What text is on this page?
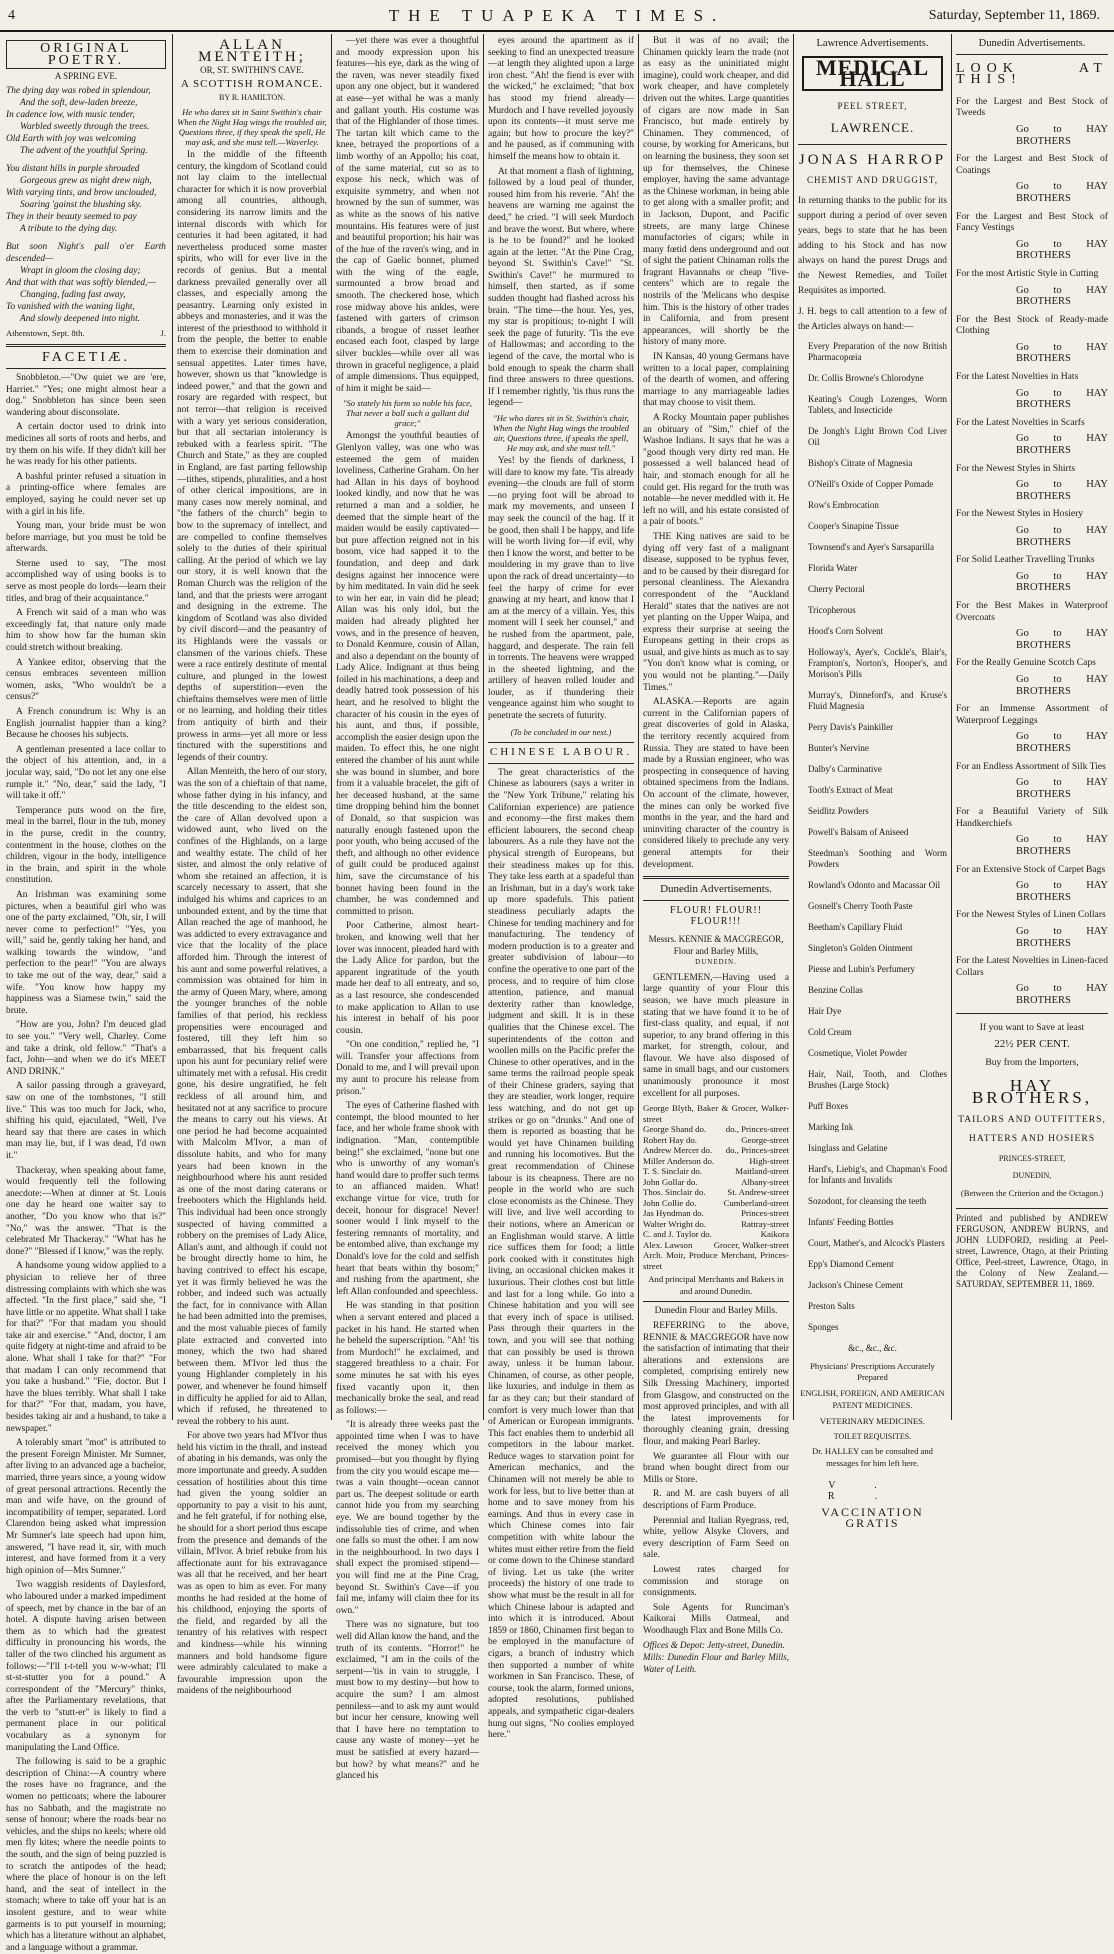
4	THE TUAPEKA TIMES.	Saturday, September 11, 1869.
ORIGINAL POETRY.
A SPRING EVE.
The dying day was robed in splendour,
And the soft, dew-laden breeze,
In cadence low, with music tender,
Warbled sweetly through the trees.
Old Earth with joy was welcoming
The advent of the youthful Spring.
You distant hills in purple shrouded
Gorgeous grew as night drew nigh,
With varying tints, and brow unclouded,
Soaring 'gainst the blushing sky.
They in their beauty seemed to pay
A tribute to the dying day.
But soon Night's pall o'er Earth descended—
Wrapt in gloom the closing day;
And that with that was softly blended,—
Changing, fading fast away,
To vanished with the waning light,
And slowly deepened into night.
Athenstown, Sept. 8th.	J.
FACETIÆ.

Snobbleton.—"Ow quiet we are 'ere, Harriet." "Yes; one might almost hear a dog." Snobbleton has since been seen wandering about disconsolate.

A certain doctor used to drink into medicines all sorts of roots and herbs, and try them on his wife. If they didn't kill her he was ready for his other patients.

A bashful printer refused a situation in a printing-office where females are employed, saying he could never set up with a girl in his life.

Young man, your bride must be won before marriage, but you must be told be afterwards.

Sterne used to say, "The most accomplished way of using books is to serve as most people do lords—learn their titles, and brag of their acquaintance."

A French wit said of a man who was exceedingly fat, that nature only made him to show how far the human skin could stretch without breaking.

A Yankee editor, observing that the census embraces seventeen million women, asks, "Who wouldn't be a census?"

A French conundrum is: Why is an English journalist happier than a king? Because he chooses his subjects.

A gentleman presented a lace collar to the object of his attention, and, in a jocular way, said, "Do not let any one else rumple it." "No, dear," said the lady, "I will take it off."

Temperance puts wood on the fire, meal in the barrel, flour in the tub, money in the purse, credit in the country, contentment in the house, clothes on the children, vigour in the body, intelligence in the brain, and spirit in the whole constitution.

An Irishman was examining some pictures, when a beautiful girl who was one of the party exclaimed, "Oh, sir, I will never come to perfection!" "Yes, you will," said he, gently taking her hand, and walking towards the window, "and perfection to the pear!" "You are always to take me out of the way, dear," said a wife. "You know how happy my happiness was a Siamese twin," said the brute.

"How are you, John? I'm deuced glad to see you." "Very well, Charley. Come and take a drink, old fellow." "That's a fact, John—and when we do it's MEET AND DRINK."

A sailor passing through a graveyard, saw on one of the tombstones, "I still live." This was too much for Jack, who, shifting his quid, ejaculated, "Well, I've heard say that there are cases in which man may lie, but, if I was dead, I'd own it."

Thackeray, when speaking about fame, would frequently tell the following anecdote:—When at dinner at St. Louis one day he heard one waiter say to another, "Do you know who that is?" "No," was the answer. "That is the celebrated Mr Thackeray." "What has he done?" "Blessed if I know," was the reply.

A handsome young widow applied to a physician to relieve her of three distressing complaints with which she was affected. "In the first place," said she, "I have little or no appetite. What shall I take for that?" "For that madam you should take air and exercise." "And, doctor, I am quite fidgety at night-time and afraid to be alone. What shall I take for that?" "For that madam I can only recommend that you take a husband." "Fie, doctor. But I have the blues terribly. What shall I take for that?" "For that, madam, you have, besides taking air and a husband, to take a newspaper."

A tolerably smart "mot" is attributed to the present Foreign Minister. Mr Sumner, after living to an advanced age a bachelor, married, three years since, a young widow of great personal attractions. Recently the man and wife have, on the ground of incompatibility of temper, separated. Lord Clarendon being asked what impression Mr Sumner's late speech had upon him, answered, "I have read it, sir, with much interest, and have formed from it a very high opinion of—Mrs Sumner."

Two waggish residents of Daylesford, who laboured under a marked impediment of speech, met by chance in the bar of an hotel. A dispute having arisen between them as to which had the greatest difficulty in pronouncing his words, the taller of the two clinched his argument as follows:—"I'll t-t-tell you w-w-what; I'll st-st-stutter you for a pound." A correspondent of the "Mercury" thinks, after the Parliamentary revelations, that the verb to "stutt-er" is likely to find a permanent place in our political vocabulary as a synonym for manipulating the Land Office.

The following is said to be a graphic description of China:—A country where the roses have no fragrance, and the women no petticoats; where the labourer has no Sabbath, and the magistrate no sense of honour; where the roads bear no vehicles, and the ships no keels; where old men fly kites; where the needle points to the south, and the sign of being puzzled is to scratch the antipodes of the head; where the place of honour is on the left hand, and the seat of intellect in the stomach; where to take off your hat is an insolent gesture, and to wear white garments is to put yourself in mourning; which has a literature without an alphabet, and a language without a grammar.

ALLAN MENTEITH;
OR, ST. SWITHIN'S CAVE.
A SCOTTISH ROMANCE.
BY R. HAMILTON.
He who dares sit in Saint Swithin's chair When the Night Hag wings the troubled air, Questions three, if they speak the spell, He may ask, and she must tell.—Waverley.

In the middle of the fifteenth century, the kingdom of Scotland could not lay claim to the intellectual character for which it is now proverbial among all countries, although, considering its narrow limits and the internal discords with which for centuries it had been agitated, it had nevertheless produced some master spirits, who will for ever live in the records of genius. But a mental darkness prevailed generally over all classes, and especially among the peasantry. Learning only existed in abbeys and monasteries, and it was the interest of the priesthood to withhold it from the people, the better to enable them to exercise their domination and sensual appetites. Later times have, however, shown us that "knowledge is indeed power," and that the gown and rosary are regarded with respect, but not terror—that religion is received with a wary yet serious consideration, but that all sectarian intolerancy is rebuked with a fearless spirit. "The Church and State," as they are coupled in England, are fast parting fellowship—tithes, stipends, pluralities, and a host of other clerical impositions, are in many cases now merely nominal, and "the fathers of the church" begin to bow to the supremacy of intellect, and are compelled to confine themselves solely to the duties of their spiritual calling. At the period of which we lay our story, it is well known that the Roman Church was the religion of the land, and that the priests were arrogant and designing in the extreme. The kingdom of Scotland was also divided by civil discord—and the peasantry of its Highlands were the vassals or clansmen of the various chiefs. These were a race entirely destitute of mental culture, and plunged in the lowest depths of superstition—even the chieftains themselves were men of little or no learning, and holding their titles from antiquity of birth and their prowess in arms—yet all more or less tinctured with the superstitions and legends of their country.

Allan Menteith, the hero of our story, was the son of a chieftain of that name, whose father dying in his infancy, and the title descending to the eldest son, the care of Allan devolved upon a widowed aunt, who lived on the confines of the Highlands, on a large and wealthy estate. The child of her sister, and almost the only relative of whom she retained an affection, it is scarcely necessary to assert, that she indulged his whims and caprices to an unbounded extent, and by the time that Allan reached the age of manhood, he was addicted to every extravagance and vice that the locality of the place afforded him. Through the interest of his aunt and some powerful relatives, a commission was obtained for him in the army of Queen Mary, where, among the younger branches of the noble families of that period, his reckless propensities were encouraged and fostered, till they left him so embarrassed, that his frequent calls upon his aunt for pecuniary relief were ultimately met with a refusal. His credit gone, his desire ungratified, he felt reckless of all around him, and hesitated not at any sacrifice to procure the means to carry out his views. At one period he had become acquainted with Malcolm M'Ivor, a man of dissolute habits, and who for many years had been known in the neighbourhood where his aunt resided as one of the most daring caterans or freebooters which the Highlands held. This individual had been once strongly suspected of having committed a robbery on the premises of Lady Alice, Allan's aunt, and although if could not be brought directly home to him, he having contrived to effect his escape, yet it was firmly believed he was the robber, and indeed such was actually the fact, for in connivance with Allan he had been admitted into the premises, and the most valuable pieces of family plate extracted and converted into money, which the two had shared between them. M'Ivor led thus the young Highlander completely in his power, and whenever he found himself in difficulty he applied for aid to Allan, which if refused, he threatened to reveal the robbery to his aunt.

For above two years had M'Ivor thus held his victim in the thrall, and instead of abating in his demands, was only the more importunate and greedy. A sudden cessation of hostilities about this time had given the young soldier an opportunity to pay a visit to his aunt, and he felt grateful, if for nothing else, he should for a short period thus escape from the presence and demands of the villain, M'Ivor. A brief rebuke from his affectionate aunt for his extravagance was all that he received, and her heart was as open to him as ever. For many months he had resided at the home of his childhood, enjoying the sports of the field, and regarded by all the tenantry of his relatives with respect and kindness—while his winning manners and bold handsome figure were admirably calculated to make a favourable impression upon the maidens of the neighbourhood

—yet there was ever a thoughtful and moody expression upon his features—his eye, dark as the wing of the raven, was never steadily fixed upon any one object, but it wandered at ease—yet withal he was a manly and gallant youth. His costume was that of the Highlander of those times. The tartan kilt which came to the knee, betrayed the proportions of a limb worthy of an Appollo; his coat, of the same material, cut so as to expose his neck, which was of exquisite symmetry, and when not browned by the sun of summer, was as white as the snows of his native mountains. His features were of just and beautiful proportion; his hair was of the hue of the raven's wing, and in the cap of Gaelic bonnet, plumed with the wing of the eagle, surmounted a brow broad and smooth. The checkered hose, which rose midway above his ankles, were fastened with garters of crimson ribands, a brogue of russet leather encased each foot, clasped by large silver buckles—while over all was thrown in graceful negligence, a plaid of ample dimensions. Thus equipped, of him it might be said—

"So stately his form so noble his face, That never a ball such a gallant did grace;"

Amongst the youthful beauties of Glenlyon valley, was one who was esteemed the gem of maiden loveliness, Catherine Graham. On her had Allan in his days of boyhood looked kindly, and now that he was returned a man and a soldier, he deemed that the simple heart of the maiden would be easily captivated—but pure affection reigned not in his bosom, vice had sapped it to the foundation, and deep and dark designs against her innocence were by him meditated. In vain did he seek to win her ear, in vain did he plead; Allan was his only idol, but the maiden had already plighted her vows, and in the presence of heaven, to Donald Kenmure, cousin of Allan, and also a dependant on the bounty of Lady Alice. Indignant at thus being foiled in his machinations, a deep and deadly hatred took possession of his heart, and he resolved to blight the character of his cousin in the eyes of his aunt, and thus, if possible, accomplish the easier design upon the maiden. To effect this, he one night entered the chamber of his aunt while she was bound in slumber, and bore from it a valuable bracelet, the gift of her deceased husband, at the same time dropping behind him the bonnet of Donald, so that suspicion was naturally enough fastened upon the poor youth, who being accused of the theft, and although no other evidence of guilt could be produced against him, save the circumstance of his bonnet having been found in the chamber, he was condemned and committed to prison.

Poor Catherine, almost heart-broken, and knowing well that her lover was innocent, pleaded hard with the Lady Alice for pardon, but the apparent ingratitude of the youth made her deaf to all entreaty, and so, as a last resource, she condescended to make application to Allan to use his interest in behalf of his poor cousin.

"On one condition," replied he, "I will. Transfer your affections from Donald to me, and I will prevail upon my aunt to procure his release from prison."

The eyes of Catherine flashed with contempt, the blood mounted to her face, and her whole frame shook with indignation. "Man, contemptible being!" she exclaimed, "none but one who is unworthy of any woman's hand would dare to proffer such terms to an affianced maiden. What! exchange virtue for vice, truth for deceit, honour for disgrace! Never! sooner would I link myself to the festering remnants of mortality, and be entombed alive, than exchange my Donald's love for the cold and selfish heart that beats within thy bosom;" and rushing from the apartment, she left Allan confounded and speechless.

He was standing in that position when a servant entered and placed a packet in his hand. He started when he beheld the superscription. "Ah! 'tis from Murdoch!" he exclaimed, and staggered breathless to a chair. For some minutes he sat with his eyes fixed vacantly upon it, then mechanically broke the seal, and read as follows:—

"It is already three weeks past the appointed time when I was to have received the money which you promised—but you thought by flying from the city you would escape me—twas a vain thought—ocean cannot part us. The deepest solitude or earth cannot hide you from my searching eye. We are bound together by the indissoluble ties of crime, and when one falls so must the other. I am now in the neighbourhood. In two days I shall expect the promised stipend—you will find me at the Pine Crag, beyond St. Swithin's Cave—if you fail me, infamy will claim thee for its own."

There was no signature, but too well did Allan know the hand, and the truth of its contents. "Horror!" he exclaimed, "I am in the coils of the serpent—'tis in vain to struggle, I must bow to my destiny—but how to acquire the sum? I am almost penniless—and to ask my aunt would but incur her censure, knowing well that I have here no temptation to cause any waste of money—yet he must be satisfied at every hazard—but how? by what means?" and he glanced his

eyes around the apartment as if seeking to find an unexpected treasure—at length they alighted upon a large iron chest. "Ah! the fiend is ever with the wicked," he exclaimed; "that box has stood my friend already—Murdoch and I have revelled joyously upon its contents—it must serve me again; but how to procure the key?" and he paused, as if communing with himself the means how to obtain it.

At that moment a flash of lightning, followed by a loud peal of thunder, roused him from his reverie. "Ah! the heavens are warning me against the deed," he cried. "I will seek Murdoch and brave the worst. But where, where is he to be found?" and he looked again at the letter. "At the Pine Crag, beyond St. Swithin's Cave!" "St. Swithin's Cave!" he murmured to himself, then started, as if some sudden thought had flashed across his brain. "The time—the hour. Yes, yes, my star is propitious; to-night I will seek the page of futurity. 'Tis the eve of Hallowmas; and according to the legend of the cave, the mortal who is bold enough to speak the charm shall find three answers to three questions. If I remember rightly, 'tis thus runs the legend—

"He who dares sit in St. Swithin's chair, When the Night Hag wings the troubled air, Questions three, if speaks the spell, He may ask, and she must tell."

Yes! by the fiends of darkness, I will dare to know my fate. 'Tis already evening—the clouds are full of storm—no prying foot will be abroad to mark my movements, and unseen I may seek the council of the hag. If it be good, then shall I be happy, and life will be worth living for—if evil, why then I know the worst, and better to be mouldering in my grave than to live upon the rack of dread uncertainty—to feel the harpy of crime for ever gnawing at my heart, and know that I am at the mercy of a villain. Yes, this moment will I seek her counsel," and he rushed from the apartment, pale, haggard, and desperate. The rain fell in torrents. The heavens were wrapped in the sheeted lightning, and the artillery of heaven rolled louder and louder, as if thundering their vengeance against him who sought to penetrate the secrets of futurity.

(To be concluded in our next.)
CHINESE LABOUR.

The great characteristics of the Chinese as labourers (says a writer in the "New York Tribune," relating his Californian experience) are patience and economy—the first makes them efficient labourers, the second cheap labourers. As a rule they have not the physical strength of Europeans, but their steadiness makes up for this. They take less earth at a spadeful than an Irishman, but in a day's work take up more spadefuls. This patient steadiness peculiarly adapts the Chinese for tending machinery and for manufacturing. The tendency of modern production is to a greater and greater subdivision of labour—to confine the operative to one part of the process, and to require of him close attention, patience, and manual dexterity rather than knowledge, judgment and skill. It is in these qualities that the Chinese excel. The superintendents of the cotton and woollen mills on the Pacific prefer the Chinese to other operatives, and in the same terms the railroad people speak of their Chinese graders, saying that they are steadier, work longer, require less watching, and do not get up strikes or go on "drunks." And one of them is reported as boasting that he would yet have Chinamen building and running his locomotives. But the great recommendation of Chinese labour is its cheapness. There are no people in the world who are such close economists as the Chinese. They will live, and live well according to their notions, where an American or an Englishman would starve. A little rice suffices them for food; a little pork cooked with it constitutes high living, an occasional chicken makes it luxurious. Their clothes cost but little and last for a long while. Go into a Chinese habitation and you will see that every inch of space is utilised. Pass through their quarters in the town, and you will see that nothing that can possibly be used is thrown away, unless it be human labour. Chinamen, of course, as other people, like luxuries, and indulge in them as far as they can; but their standard of comfort is very much lower than that of American or European immigrants. This fact enables them to underbid all competitors in the labour market. Reduce wages to starvation point for American mechanics, and the Chinamen will not merely be able to work for less, but to live better than at home and to save money from his earnings. And thus in every case in which Chinese comes into fair competition with white labour the whites must either retire from the field or come down to the Chinese standard of living. Let us take (the writer proceeds) the history of one trade to show what must be the result in all for which Chinese labour is adapted and into which it is introduced. About 1859 or 1860, Chinamen first began to be employed in the manufacture of cigars, a branch of industry which then supported a number of white workmen in San Francisco. These, of course, took the alarm, formed unions, adopted resolutions, published appeals, and sympathetic cigar-dealers hung out signs, "No coolies employed here."

But it was of no avail; the Chinamen quickly learn the trade (not as easy as the uninitiated might imagine), could work cheaper, and did work cheaper, and have completely driven out the whites. Large quantities of cigars are now made in San Francisco, but made entirely by Chinamen. They commenced, of course, by working for Americans, but on learning the business, they soon set up for themselves, the Chinese employer, having the same advantage as the Chinese workman, in being able to get along with a smaller profit; and in Jackson, Dupont, and Pacific streets, are many large Chinese manufactories of cigars; while in many fœtid dens underground and out of sight the patient Chinaman rolls the fragrant Havannahs or cheap "five-centers" which are to regale the nostrils of the 'Melicans who despise him. This is the history of other trades in California, and from present appearances, will shortly be the history of many more.

IN Kansas, 40 young Germans have written to a local paper, complaining of the dearth of women, and offering marriage to any marriageable ladies that may choose to visit them.

A Rocky Mountain paper publishes an obituary of "Sim," chief of the Washoe Indians. It says that he was a "good though very dirty red man. He possessed a well balanced head of hair, and stomach enough for all he could get. His regard for the truth was notable—he never meddled with it. He left no will, and his estate consisted of a pair of boots."

THE King natives are said to be dying off very fast of a malignant disease, supposed to be typhus fever, and to be caused by their disregard for personal cleanliness. The Alexandra correspondent of the "Auckland Herald" states that the natives are not yet planting on the Upper Waipa, and express their surprise at seeing the Europeans getting in their crops as usual, and give hints as much as to say "You don't know what is coming, or you would not be planting."—Daily Times."

ALASKA.—Reports are again current in the Californian papers of great discoveries of gold in Alaska, the territory recently acquired from Russia. They are stated to have been made by a Russian engineer, who was prospecting in consequence of having obtained specimens from the Indians. On account of the climate, however, the mines can only be worked five months in the year, and the hard and uninviting character of the country is considered likely to preclude any very general attempts for their development.

Dunedin Advertisements.
FLOUR! FLOUR!! FLOUR!!!
Messrs. KENNIE & MACGREGOR,
Flour and Barley Mills,
DUNEDIN.

GENTLEMEN,—Having used a large quantity of your Flour this season, we have much pleasure in stating that we have found it to be of first-class quality, and equal, if not superior, to any brand offering in this market, for strength, colour, and flavour. We have also disposed of same in small bags, and our customers unanimously pronounce it most excellent for all purposes.

George Blyth, Baker & Grocer, Walker-street
George Shand do. do., Princes-street
Robert Hay do.	George-street
Andrew Mercer do. do., Princes-street
Miller Anderson do.	High-street
T. S. Sinclair do.	Maitland-street
John Gollar do.	Albany-street
Thos. Sinclair do. St. Andrew-street
John Collie do.	Cumberland-street
Jas Hyndman do.	Princes-street
Walter Wright do.	Rattray-street
C. and J. Taylor do.	Kaikora
Alex. Lawson Grocer, Walker-street
Arch. Moir, Produce Merchant, Princes-street
And principal Merchants and Bakers in and around Dunedin.
Dunedin Flour and Barley Mills.

REFERRING to the above, RENNIE & MACGREGOR have now the satisfaction of intimating that their alterations and extensions are completed, comprising entirely new Silk Dressing Machinery, imported from Glasgow, and constructed on the most approved principles, and with all the latest improvements for thoroughly cleaning grain, dressing flour, and making Pearl Barley.

We guarantee all Flour with our brand when bought direct from our Mills or Store.

R. and M. are cash buyers of all descriptions of Farm Produce.

Perennial and Italian Ryegrass, red, white, yellow Alsyke Clovers, and every description of Farm Seed on sale.

Lowest rates charged for commission and storage on consignments.

Sole Agents for Runciman's Kaikorai Mills Oatmeal, and Woodhaugh Flax and Bone Mills Co.

Offices & Depot: Jetty-street, Dunedin.
Mills: Dunedin Flour and Barley Mills, Water of Leith.
Lawrence Advertisements.
MEDICAL HALL
PEEL STREET,
LAWRENCE.
JONAS HARROP
CHEMIST AND DRUGGIST,
In returning thanks to the public for its support during a period of over seven years, begs to state that he has been adding to his Stock and has now always on hand the purest Drugs and the Newest Remedies, and Toilet Requisites as imported.
J. H. begs to call attention to a few of the Articles always on hand:—
Every Preparation of the now British Pharmacopœia
Dr. Collis Browne's Chlorodyne
Keating's Cough Lozenges, Worm Tablets, and Insecticide
De Jongh's Light Brown Cod Liver Oil
Bishop's Citrate of Magnesia
O'Neill's Oxide of Copper Pomade
Row's Embrocation
Cooper's Sinapine Tissue
Townsend's and Ayer's Sarsaparilla
Florida Water
Cherry Pectoral
Tricopherous
Hood's Corn Solvent
Holloway's, Ayer's, Cockle's, Blair's, Frampton's, Norton's, Hooper's, and Morison's Pills
Murray's, Dinneford's, and Kruse's Fluid Magnesia
Perry Davis's Painkiller
Bunter's Nervine
Dalby's Carminative
Tooth's Extract of Meat
Seidlitz Powders
Powell's Balsam of Aniseed
Steedman's Soothing and Worm Powders
Rowland's Odonto and Macassar Oil
Gosnell's Cherry Tooth Paste
Beetham's Capillary Fluid
Singleton's Golden Ointment
Piesse and Lubin's Perfumery
Benzine Collas
Hair Dye
Cold Cream
Cosmetique, Violet Powder
Hair, Nail, Tooth, and Clothes Brushes (Large Stock)
Puff Boxes
Marking Ink
Isinglass and Gelatine
Hard's, Liebig's, and Chapman's Food for Infants and Invalids
Sozodont, for cleansing the teeth
Infants' Feeding Bottles
Court, Mather's, and Alcock's Plasters
Epp's Diamond Cement
Jackson's Chinese Cement
Preston Salts
Sponges
&c., &c., &c.
Physicians' Prescriptions Accurately Prepared
ENGLISH, FOREIGN, AND AMERICAN PATENT MEDICINES.
VETERINARY MEDICINES.
TOILET REQUISITES.
Dr. HALLEY can be consulted and messages for him left here.
V. R.
VACCINATION GRATIS
Dunedin Advertisements.
LOOK AT THIS!
For the Largest and Best Stock of Tweeds
Go to HAY BROTHERS
For the Largest and Best Stock of Coatings
Go to HAY BROTHERS
For the Largest and Best Stock of Fancy Vestings
Go to HAY BROTHERS
For the most Artistic Style in Cutting
Go to HAY BROTHERS
For the Best Stock of Ready-made Clothing
Go to HAY BROTHERS
For the Latest Novelties in Hats
Go to HAY BROTHERS
For the Latest Novelties in Scarfs
Go to HAY BROTHERS
For the Newest Styles in Shirts
Go to HAY BROTHERS
For the Newest Styles in Hosiery
Go to HAY BROTHERS
For Solid Leather Travelling Trunks
Go to HAY BROTHERS
For the Best Makes in Waterproof Overcoats
Go to HAY BROTHERS
For the Really Genuine Scotch Caps
Go to HAY BROTHERS
For an Immense Assortment of Waterproof Leggings
Go to HAY BROTHERS
For an Endless Assortment of Silk Ties
Go to HAY BROTHERS
For a Beautiful Variety of Silk Handkerchiefs
Go to HAY BROTHERS
For an Extensive Stock of Carpet Bags
Go to HAY BROTHERS
For the Newest Styles of Linen Collars
Go to HAY BROTHERS
For the Latest Novelties in Linen-faced Collars
Go to HAY BROTHERS
If you want to Save at least
22½ PER CENT.
Buy from the Importers,
HAY BROTHERS,
TAILORS AND OUTFITTERS,
HATTERS AND HOSIERS
PRINCES-STREET,
DUNEDIN,
(Between the Criterion and the Octagon.)
Printed and published by ANDREW FERGUSON, ANDREW BURNS, and JOHN LUDFORD, residing at Peel-street, Lawrence, Otago, at their Printing Office, Peel-street, Lawrence, Otago, in the Colony of New Zealand.— SATURDAY, SEPTEMBER 11, 1869.
